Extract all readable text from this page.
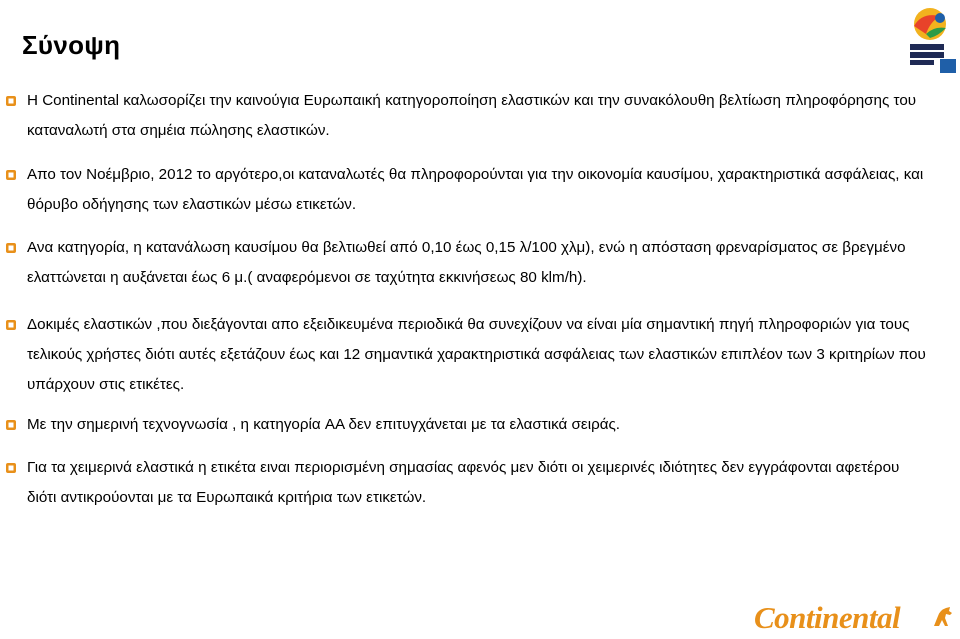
Σύνοψη
Η Continental καλωσορίζει την καινούγια Ευρωπαική κατηγοροποίηση ελαστικών και την συνακόλουθη βελτίωση πληροφόρησης του καταναλωτή στα σημέια πώλησης ελαστικών.
Απο τον Νοέμβριο, 2012 το αργότερο,οι καταναλωτές θα πληροφορούνται για την οικονομία καυσίμου, χαρακτηριστικά ασφάλειας, και θόρυβο οδήγησης των ελαστικών μέσω ετικετών.
Ανα κατηγορία, η κατανάλωση καυσίμου θα βελτιωθεί από 0,10 έως 0,15 λ/100 χλμ), ενώ η απόσταση φρεναρίσματος σε βρεγμένο ελαττώνεται η αυξάνεται έως 6 μ.( αναφερόμενοι σε ταχύτητα εκκινήσεως 80 klm/h).
Δοκιμές ελαστικών ,που διεξάγονται απο εξειδικευμένα περιοδικά θα συνεχίζουν να είναι μία σημαντική πηγή πληροφοριών για τους τελικούς χρήστες διότι αυτές εξετάζουν έως και 12 σημαντικά χαρακτηριστικά ασφάλειας των ελαστικών επιπλέον των 3 κριτηρίων που υπάρχουν στις ετικέτες.
Με την σημερινή τεχνογνωσία , η κατηγορία AA δεν επιτυγχάνεται με τα ελαστικά σειράς.
Για τα χειμερινά ελαστικά η ετικέτα ειναι περιορισμένη σημασίας αφενός μεν διότι οι χειμερινές ιδιότητες δεν εγγράφονται αφετέρου διότι αντικρούονται με τα Ευρωπαικά κριτήρια των ετικετών.
Continental
